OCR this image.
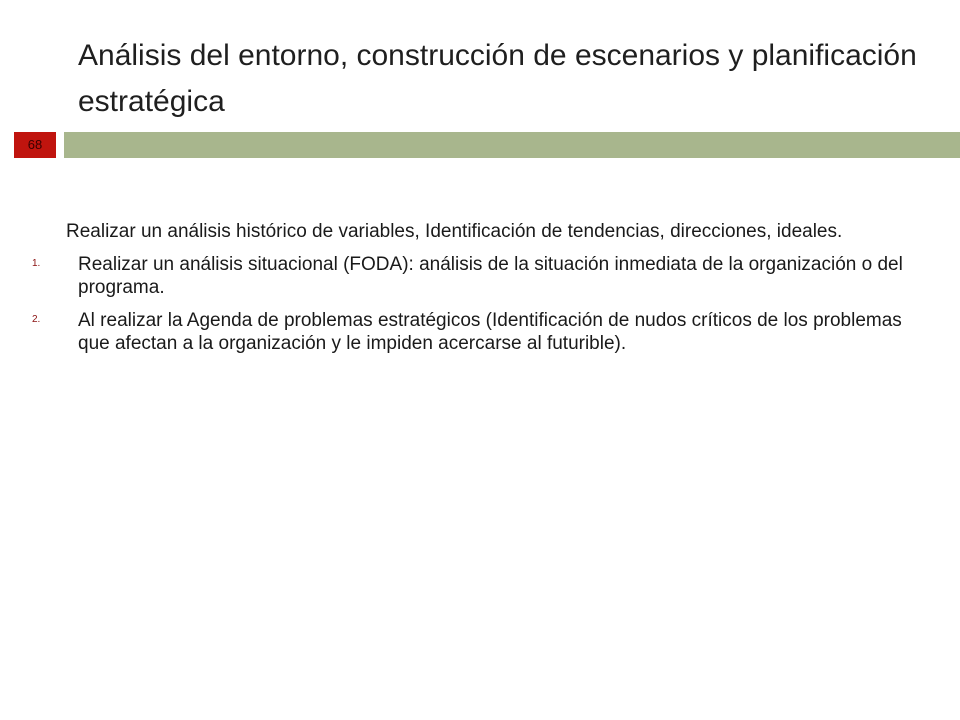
Análisis del entorno, construcción de escenarios y planificación estratégica
68

Realizar un análisis histórico de variables, Identificación de tendencias, direcciones, ideales.

1. Realizar un análisis situacional (FODA): análisis de la situación inmediata de la organización o del programa.
2. Al realizar la Agenda de problemas estratégicos (Identificación de nudos críticos de los problemas que afectan a la organización y le impiden acercarse al futurible).
